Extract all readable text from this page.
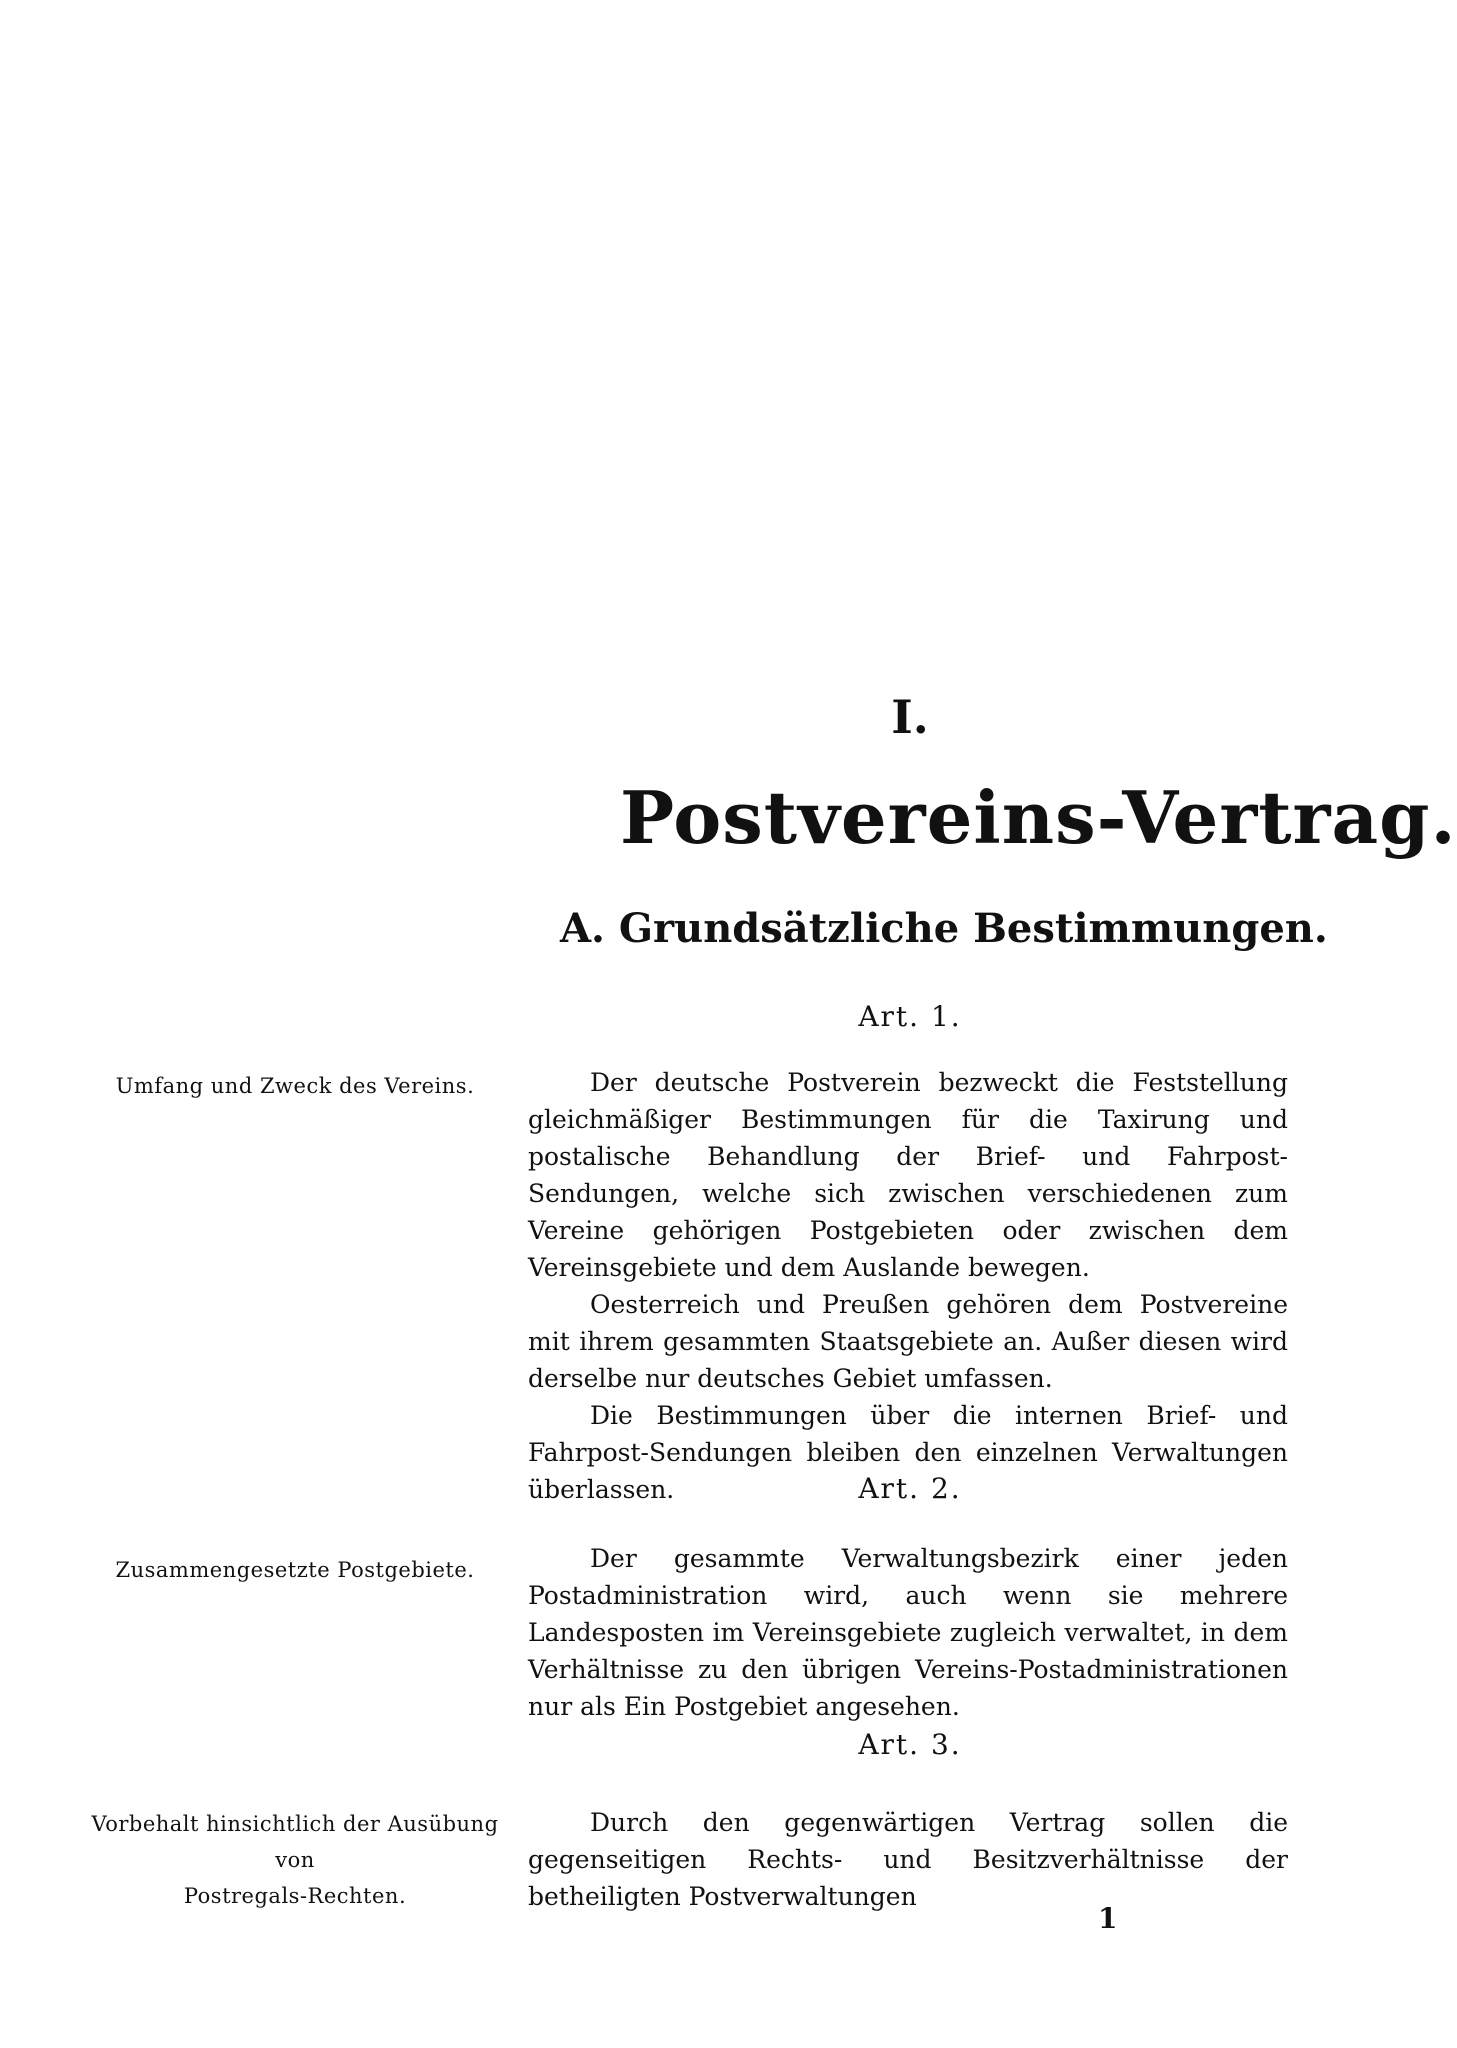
I.
Postvereins-Vertrag.
A. Grundsätzliche Bestimmungen.
Art. 1.
Umfang und Zweck des Vereins.	Der deutsche Postverein bezweckt die Feststellung gleichmäßiger Bestimmungen für die Taxirung und postalische Behandlung der Brief- und Fahrpost-Sendungen, welche sich zwischen verschiedenen zum Vereine gehörigen Postgebieten oder zwischen dem Vereinsgebiete und dem Auslande bewegen.

Oesterreich und Preußen gehören dem Postvereine mit ihrem gesammten Staatsgebiete an. Außer diesen wird derselbe nur deutsches Gebiet umfassen.

Die Bestimmungen über die internen Brief- und Fahrpost-Sendungen bleiben den einzelnen Verwaltungen überlassen.	Art. 2.
Zusammengesetzte Postgebiete.	Der gesammte Verwaltungsbezirk einer jeden Postadministration wird, auch wenn sie mehrere Landesposten im Vereinsgebiete zugleich verwaltet, in dem Verhältnisse zu den übrigen Vereins-Postadministrationen nur als Ein Postgebiet angesehen.

Art. 3.
Vorbehalt hinsichtlich der Ausübung von
Postregals-Rechten.

Durch den gegenwärtigen Vertrag sollen die gegenseitigen Rechts- und Besitzverhältnisse der betheiligten Postverwaltungen

1
